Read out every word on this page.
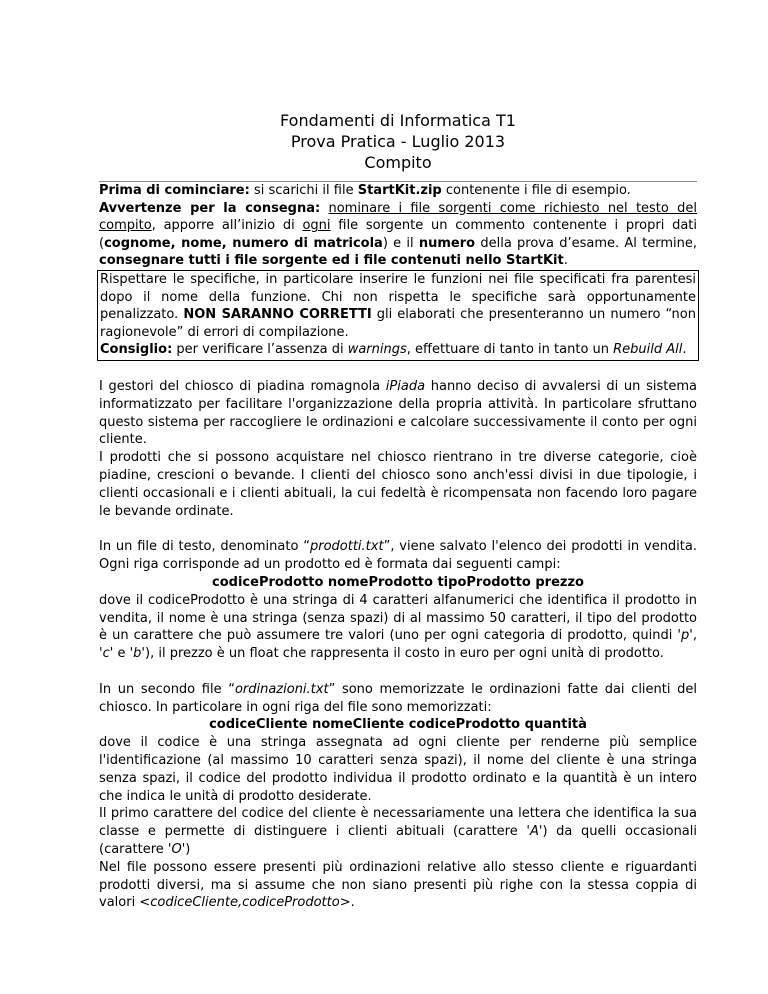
Fondamenti di Informatica T1
Prova Pratica - Luglio 2013
Compito

Prima di cominciare: si scarichi il file StartKit.zip contenente i file di esempio.

Avvertenze per la consegna: nominare i file sorgenti come richiesto nel testo del compito, apporre all’inizio di ogni file sorgente un commento contenente i propri dati (cognome, nome, numero di matricola) e il numero della prova d’esame. Al termine, consegnare tutti i file sorgente ed i file contenuti nello StartKit.

Rispettare le specifiche, in particolare inserire le funzioni nei file specificati fra parentesi dopo il nome della funzione. Chi non rispetta le specifiche sarà opportunamente penalizzato. NON SARANNO CORRETTI gli elaborati che presenteranno un numero “non ragionevole” di errori di compilazione.

Consiglio: per verificare l’assenza di warnings, effettuare di tanto in tanto un Rebuild All.

I gestori del chiosco di piadina romagnola iPiada hanno deciso di avvalersi di un sistema informatizzato per facilitare l'organizzazione della propria attività. In particolare sfruttano questo sistema per raccogliere le ordinazioni e calcolare successivamente il conto per ogni cliente.

I prodotti che si possono acquistare nel chiosco rientrano in tre diverse categorie, cioè piadine, crescioni o bevande. I clienti del chiosco sono anch'essi divisi in due tipologie, i clienti occasionali e i clienti abituali, la cui fedeltà è ricompensata non facendo loro pagare le bevande ordinate.

In un file di testo, denominato “prodotti.txt”, viene salvato l'elenco dei prodotti in vendita. Ogni riga corrisponde ad un prodotto ed è formata dai seguenti campi:

codiceProdotto nomeProdotto tipoProdotto prezzo

dove il codiceProdotto è una stringa di 4 caratteri alfanumerici che identifica il prodotto in vendita, il nome è una stringa (senza spazi) di al massimo 50 caratteri, il tipo del prodotto è un carattere che può assumere tre valori (uno per ogni categoria di prodotto, quindi 'p', 'c' e 'b'), il prezzo è un float che rappresenta il costo in euro per ogni unità di prodotto.

In un secondo file “ordinazioni.txt” sono memorizzate le ordinazioni fatte dai clienti del chiosco. In particolare in ogni riga del file sono memorizzati:

codiceCliente nomeCliente codiceProdotto quantità

dove il codice è una stringa assegnata ad ogni cliente per renderne più semplice l'identificazione (al massimo 10 caratteri senza spazi), il nome del cliente è una stringa senza spazi, il codice del prodotto individua il prodotto ordinato e la quantità è un intero che indica le unità di prodotto desiderate.

Il primo carattere del codice del cliente è necessariamente una lettera che identifica la sua classe e permette di distinguere i clienti abituali (carattere 'A') da quelli occasionali (carattere 'O')

Nel file possono essere presenti più ordinazioni relative allo stesso cliente e riguardanti prodotti diversi, ma si assume che non siano presenti più righe con la stessa coppia di valori <codiceCliente,codiceProdotto>.
